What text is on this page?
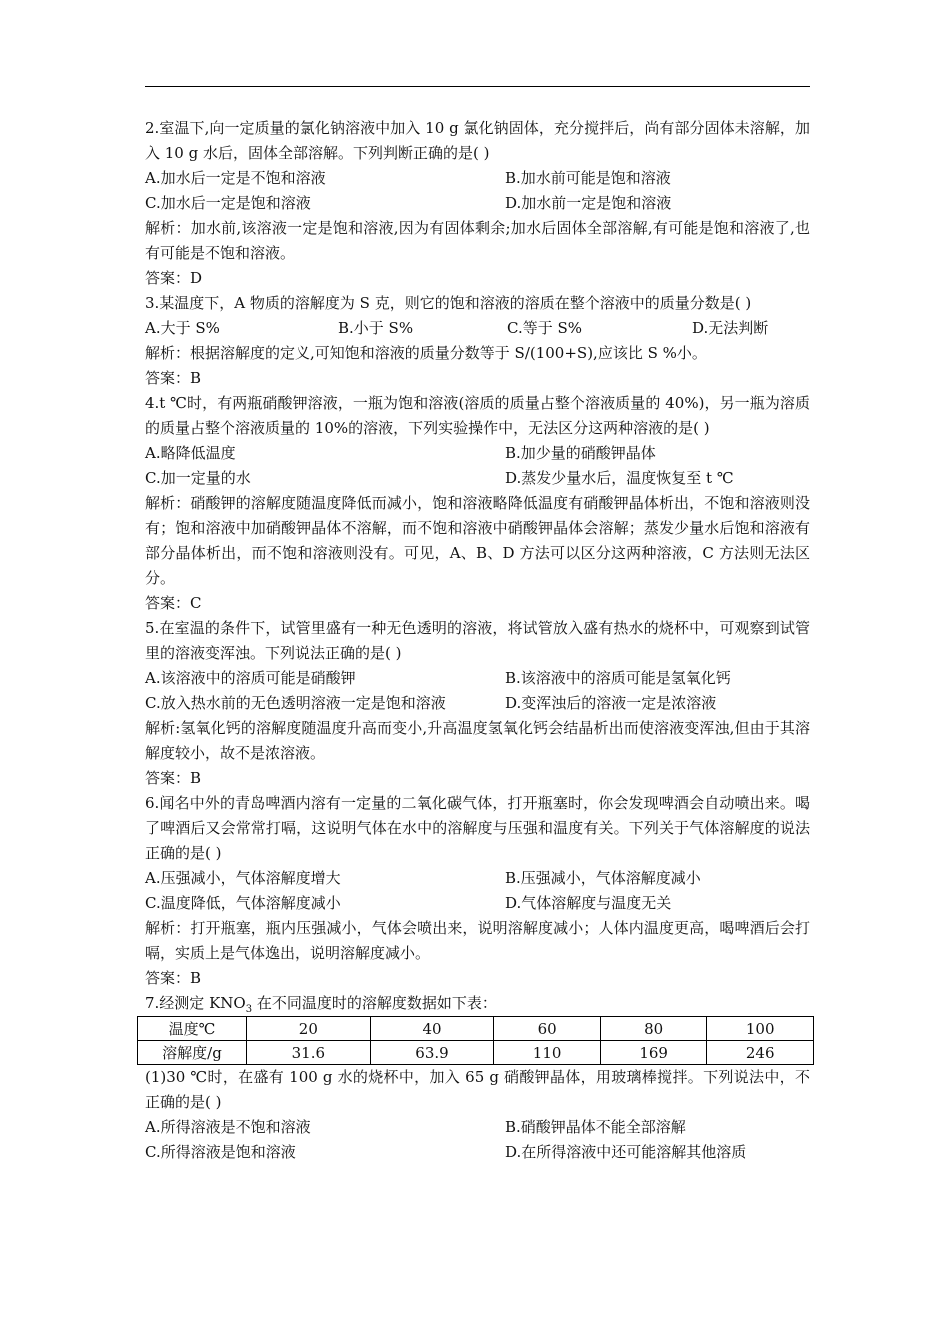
2.室温下,向一定质量的氯化钠溶液中加入 10 g 氯化钠固体，充分搅拌后，尚有部分固体未溶解，加入 10 g 水后，固体全部溶解。下列判断正确的是( )

A.加水后一定是不饱和溶液	B.加水前可能是饱和溶液
C.加水后一定是饱和溶液	D.加水前一定是饱和溶液

解析：加水前,该溶液一定是饱和溶液,因为有固体剩余;加水后固体全部溶解,有可能是饱和溶液了,也有可能是不饱和溶液。

答案：D

3.某温度下，A 物质的溶解度为 S 克，则它的饱和溶液的溶质在整个溶液中的质量分数是( )

A.大于 S%	B.小于 S%	C.等于 S%	D.无法判断

解析：根据溶解度的定义,可知饱和溶液的质量分数等于 S/(100+S),应该比 S %小。

答案：B

4.t ℃时，有两瓶硝酸钾溶液，一瓶为饱和溶液(溶质的质量占整个溶液质量的 40%)，另一瓶为溶质的质量占整个溶液质量的 10%的溶液，下列实验操作中，无法区分这两种溶液的是( )

A.略降低温度	B.加少量的硝酸钾晶体
C.加一定量的水	D.蒸发少量水后，温度恢复至 t ℃

解析：硝酸钾的溶解度随温度降低而减小，饱和溶液略降低温度有硝酸钾晶体析出，不饱和溶液则没有；饱和溶液中加硝酸钾晶体不溶解，而不饱和溶液中硝酸钾晶体会溶解；蒸发少量水后饱和溶液有部分晶体析出，而不饱和溶液则没有。可见，A、B、D 方法可以区分这两种溶液，C 方法则无法区分。

答案：C

5.在室温的条件下，试管里盛有一种无色透明的溶液，将试管放入盛有热水的烧杯中，可观察到试管里的溶液变浑浊。下列说法正确的是( )

A.该溶液中的溶质可能是硝酸钾	B.该溶液中的溶质可能是氢氧化钙
C.放入热水前的无色透明溶液一定是饱和溶液	D.变浑浊后的溶液一定是浓溶液

解析:氢氧化钙的溶解度随温度升高而变小,升高温度氢氧化钙会结晶析出而使溶液变浑浊,但由于其溶解度较小，故不是浓溶液。

答案：B

6.闻名中外的青岛啤酒内溶有一定量的二氧化碳气体，打开瓶塞时，你会发现啤酒会自动喷出来。喝了啤酒后又会常常打嗝，这说明气体在水中的溶解度与压强和温度有关。下列关于气体溶解度的说法正确的是( )

A.压强减小，气体溶解度增大	B.压强减小，气体溶解度减小
C.温度降低，气体溶解度减小	D.气体溶解度与温度无关

解析：打开瓶塞，瓶内压强减小，气体会喷出来，说明溶解度减小；人体内温度更高，喝啤酒后会打嗝，实质上是气体逸出，说明溶解度减小。

答案：B

7.经测定 $KNO_3$ 在不同温度时的溶解度数据如下表：

温度℃	20	40	60	80	100
溶解度/g	31.6	63.9	110	169	246

(1)30 ℃时，在盛有 100 g 水的烧杯中，加入 65 g 硝酸钾晶体，用玻璃棒搅拌。下列说法中，不正确的是( )

A.所得溶液是不饱和溶液	B.硝酸钾晶体不能全部溶解
C.所得溶液是饱和溶液	D.在所得溶液中还可能溶解其他溶质
